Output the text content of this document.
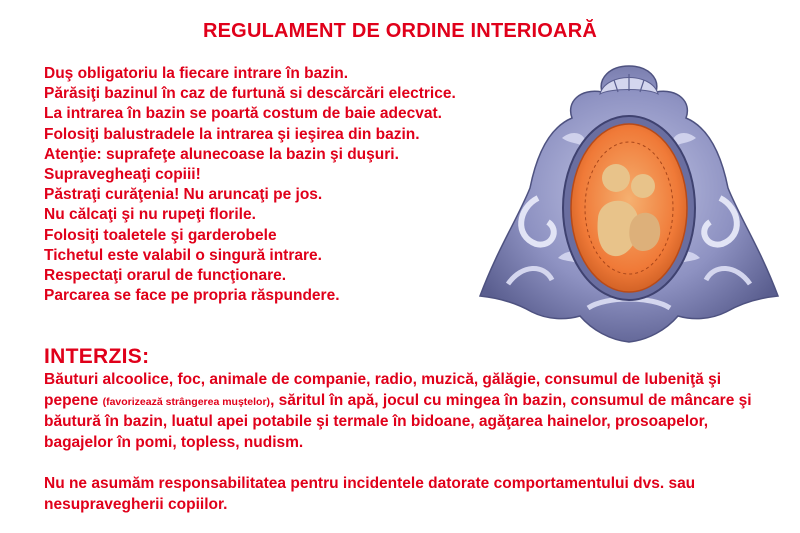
REGULAMENT DE ORDINE INTERIOARĂ
Duş obligatoriu la fiecare intrare în bazin.
Părăsiţi bazinul în caz de furtună si descărcări electrice.
La intrarea în bazin se poartă costum de baie adecvat.
Folosiţi balustradele la intrarea şi ieşirea din bazin.
Atenţie: suprafeţe alunecoase la bazin şi duşuri.
Supravegheaţi copiii!
Păstraţi curăţenia! Nu aruncaţi pe jos.
Nu călcaţi şi nu rupeţi florile.
Folosiţi toaletele şi garderobele
Tichetul este valabil o singură intrare.
Respectaţi orarul de funcţionare.
Parcarea se face pe propria răspundere.
INTERZIS:
Băuturi alcoolice, foc, animale de companie, radio, muzică, gălăgie, consumul de lubeniţă şi pepene (favorizează strângerea muştelor), săritul în apă, jocul cu mingea în bazin, consumul de mâncare şi băutură în bazin, luatul apei potabile şi termale în bidoane, agăţarea hainelor, prosoapelor, bagajelor în pomi, topless, nudism.
Nu ne asumăm responsabilitatea pentru incidentele datorate comportamentului dvs. sau nesupravegherii copiilor.
